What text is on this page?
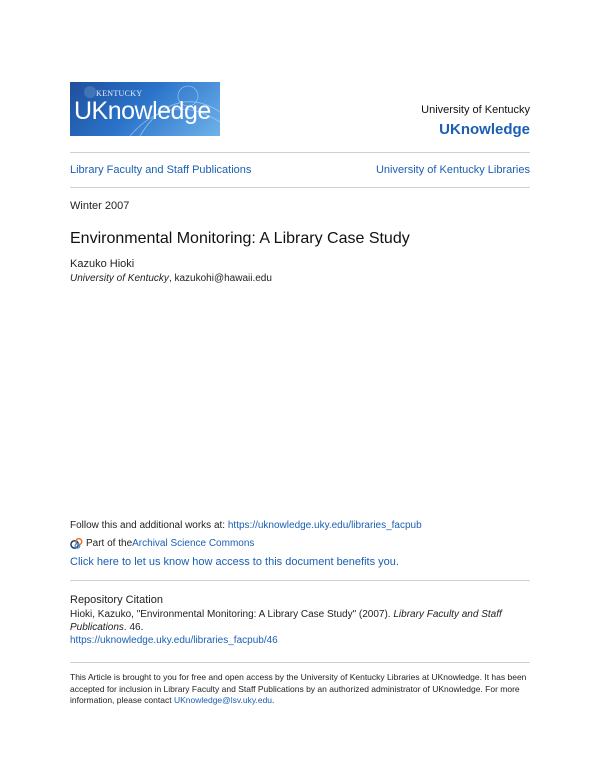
KENTUCKY
UKnowledge	University of Kentucky
UKnowledge
Library Faculty and Staff Publications	University of Kentucky Libraries
Winter 2007
Environmental Monitoring: A Library Case Study
Kazuko Hioki
University of Kentucky, kazukohi@hawaii.edu
Follow this and additional works at: https://uknowledge.uky.edu/libraries_facpub
Part of the Archival Science Commons
Click here to let us know how access to this document benefits you.
Repository Citation
Hioki, Kazuko, "Environmental Monitoring: A Library Case Study" (2007). Library Faculty and Staff Publications. 46.
https://uknowledge.uky.edu/libraries_facpub/46
This Article is brought to you for free and open access by the University of Kentucky Libraries at UKnowledge. It has been accepted for inclusion in Library Faculty and Staff Publications by an authorized administrator of UKnowledge. For more information, please contact UKnowledge@lsv.uky.edu.
